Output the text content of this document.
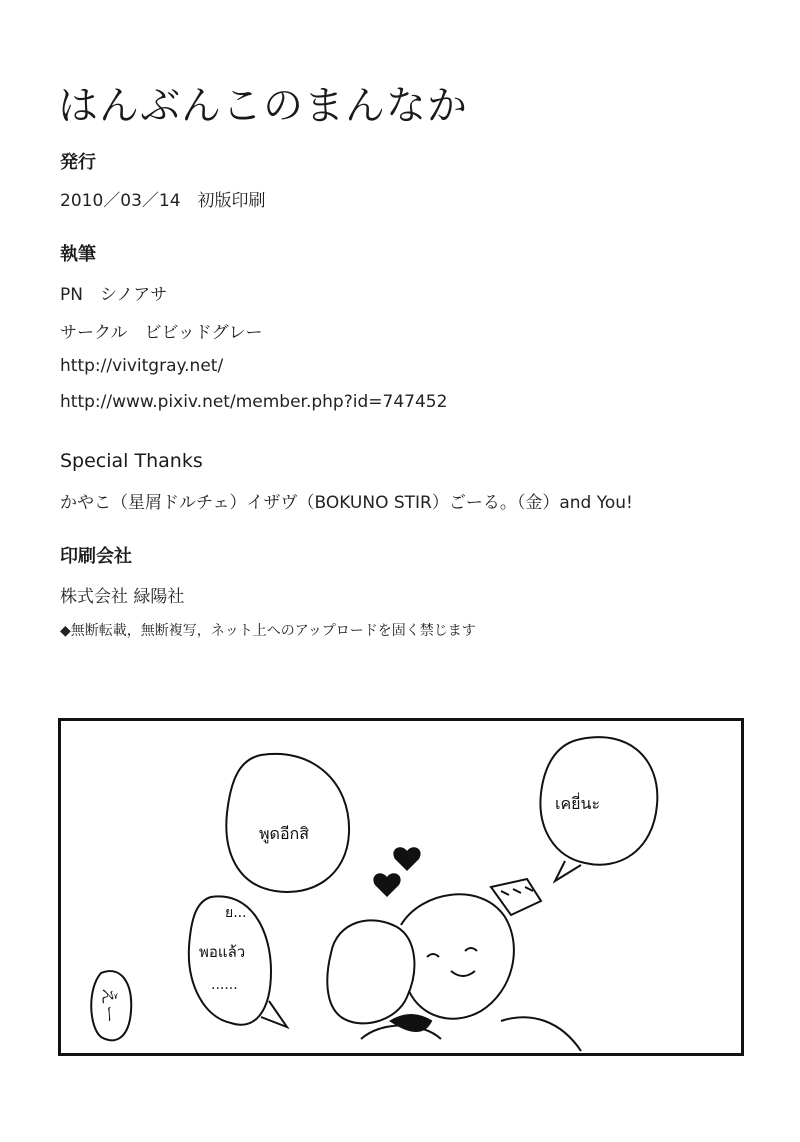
はんぶんこのまんなか
発行
2010／03／14　初版印刷
執筆
PN　シノアサ
サークル　ビビッドグレー
http://vivitgray.net/
http://www.pixiv.net/member.php?id=747452
Special Thanks
かやこ（星屑ドルチェ）イザヴ（BOKUNO STIR）ごーる。（金）and You!
印刷会社
株式会社 緑陽社
◆無断転載，無断複写，ネット上へのアップロードを固く禁じます
พูดอีกสิ
เคยี่นะ
ย...
พอแล้ว
......
えー
